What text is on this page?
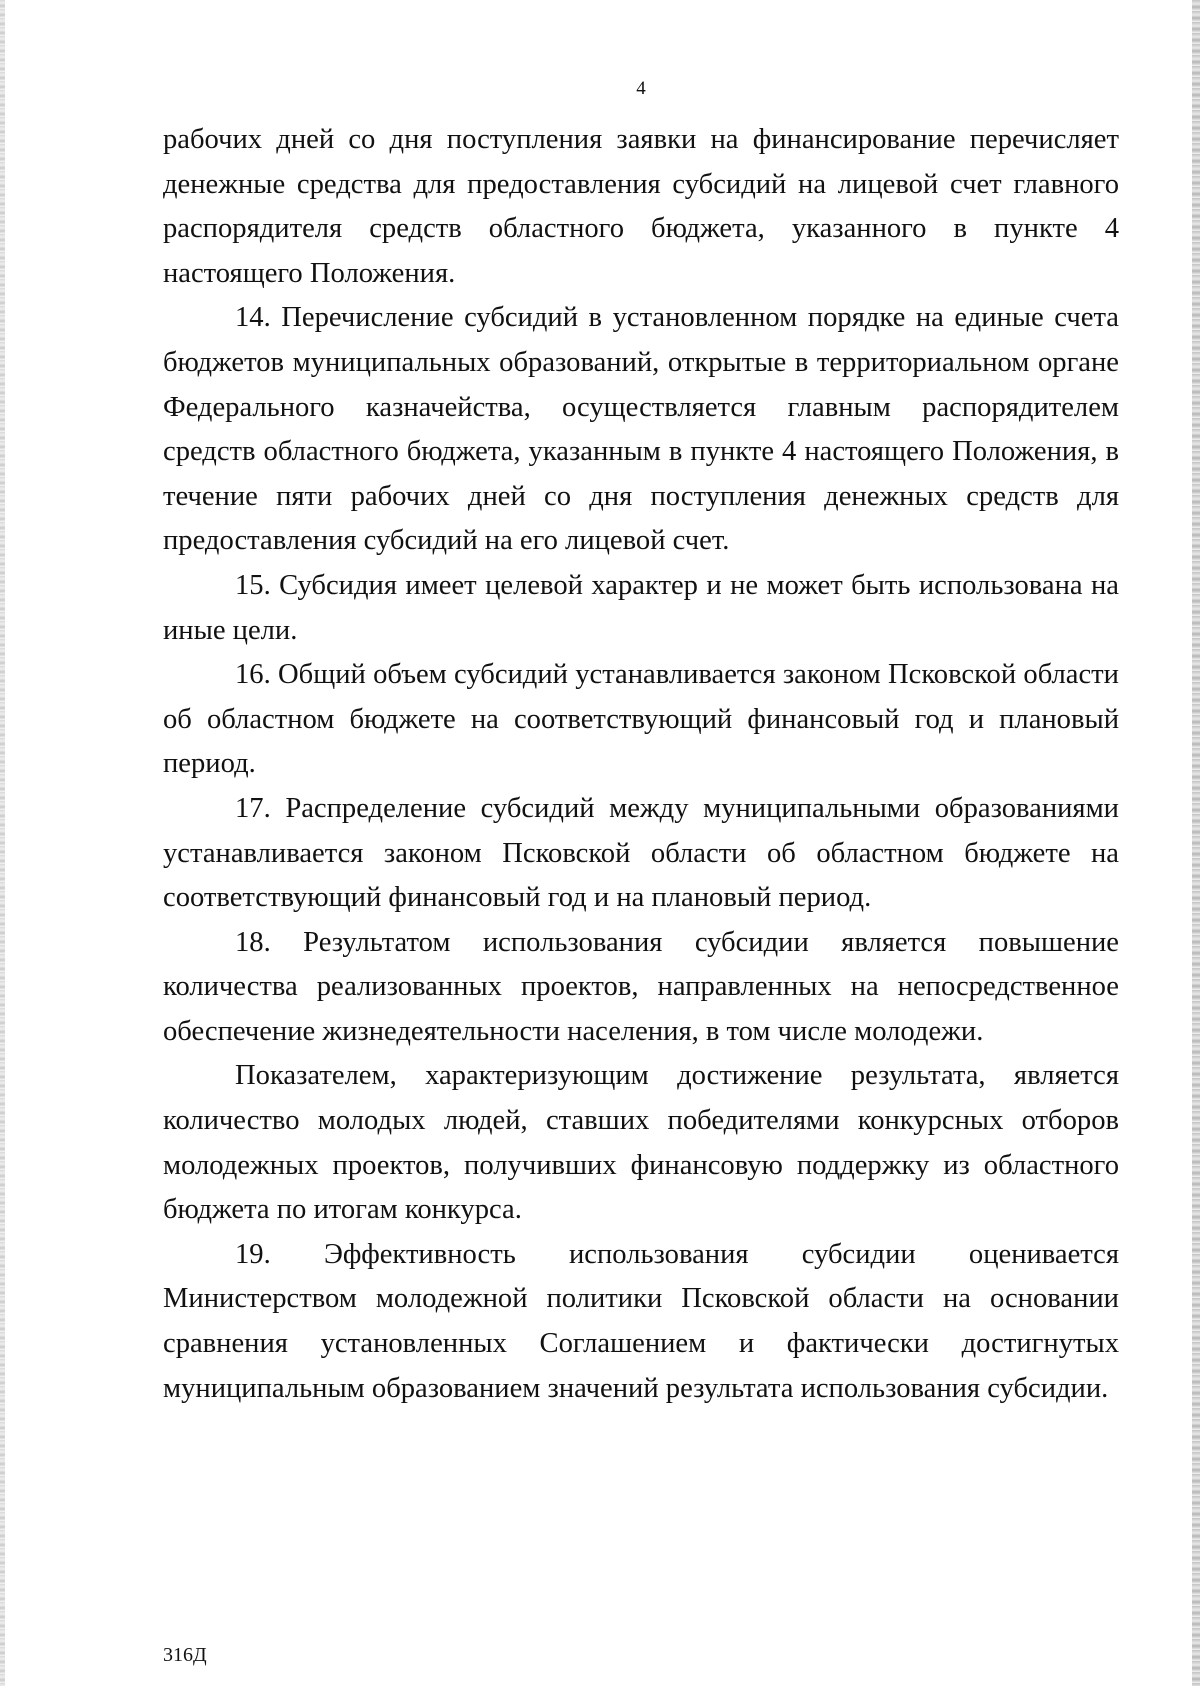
4

рабочих дней со дня поступления заявки на финансирование перечисляет денежные средства для предоставления субсидий на лицевой счет главного распорядителя средств областного бюджета, указанного в пункте 4 настоящего Положения.

14. Перечисление субсидий в установленном порядке на единые счета бюджетов муниципальных образований, открытые в территориальном органе Федерального казначейства, осуществляется главным распорядителем средств областного бюджета, указанным в пункте 4 настоящего Положения, в течение пяти рабочих дней со дня поступления денежных средств для предоставления субсидий на его лицевой счет.

15. Субсидия имеет целевой характер и не может быть использована на иные цели.

16. Общий объем субсидий устанавливается законом Псковской области об областном бюджете на соответствующий финансовый год и плановый период.

17. Распределение субсидий между муниципальными образованиями устанавливается законом Псковской области об областном бюджете на соответствующий финансовый год и на плановый период.

18. Результатом использования субсидии является повышение количества реализованных проектов, направленных на непосредственное обеспечение жизнедеятельности населения, в том числе молодежи.

Показателем, характеризующим достижение результата, является количество молодых людей, ставших победителями конкурсных отборов молодежных проектов, получивших финансовую поддержку из областного бюджета по итогам конкурса.

19. Эффективность использования субсидии оценивается Министерством молодежной политики Псковской области на основании сравнения установленных Соглашением и фактически достигнутых муниципальным образованием значений результата использования субсидии.

316Д
